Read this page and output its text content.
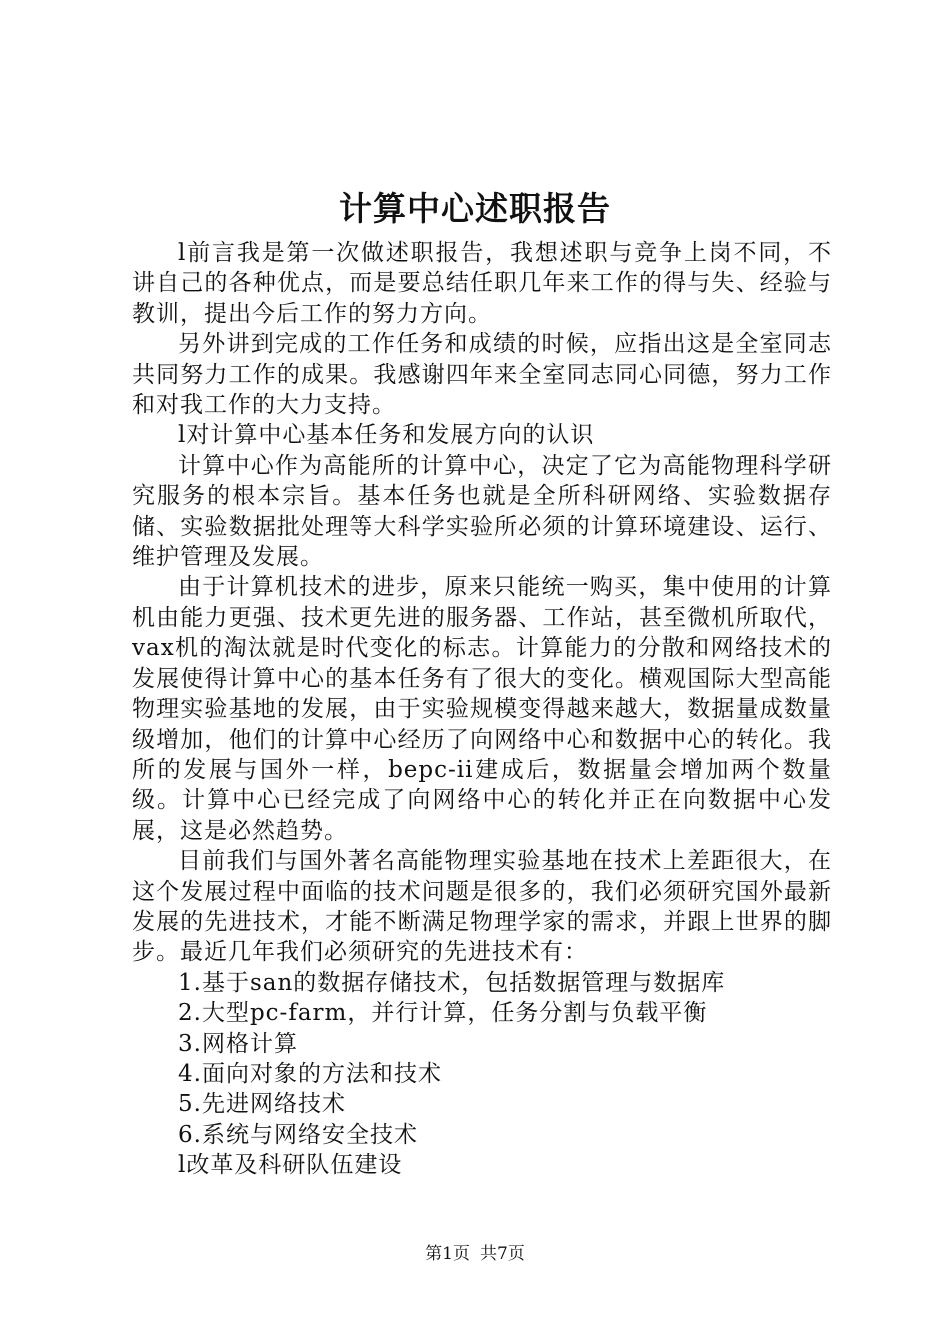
计算中心述职报告

l前言我是第一次做述职报告，我想述职与竞争上岗不同，不讲自己的各种优点，而是要总结任职几年来工作的得与失、经验与教训，提出今后工作的努力方向。

另外讲到完成的工作任务和成绩的时候，应指出这是全室同志共同努力工作的成果。我感谢四年来全室同志同心同德，努力工作和对我工作的大力支持。

l对计算中心基本任务和发展方向的认识

计算中心作为高能所的计算中心，决定了它为高能物理科学研究服务的根本宗旨。基本任务也就是全所科研网络、实验数据存储、实验数据批处理等大科学实验所必须的计算环境建设、运行、维护管理及发展。

由于计算机技术的进步，原来只能统一购买，集中使用的计算机由能力更强、技术更先进的服务器、工作站，甚至微机所取代，vax机的淘汰就是时代变化的标志。计算能力的分散和网络技术的发展使得计算中心的基本任务有了很大的变化。横观国际大型高能物理实验基地的发展，由于实验规模变得越来越大，数据量成数量级增加，他们的计算中心经历了向网络中心和数据中心的转化。我所的发展与国外一样，bepc-ii建成后，数据量会增加两个数量级。计算中心已经完成了向网络中心的转化并正在向数据中心发展，这是必然趋势。

目前我们与国外著名高能物理实验基地在技术上差距很大，在这个发展过程中面临的技术问题是很多的，我们必须研究国外最新发展的先进技术，才能不断满足物理学家的需求，并跟上世界的脚步。最近几年我们必须研究的先进技术有：

1.基于san的数据存储技术，包括数据管理与数据库

2.大型pc-farm，并行计算，任务分割与负载平衡

3.网格计算

4.面向对象的方法和技术

5.先进网络技术

6.系统与网络安全技术

l改革及科研队伍建设

第1页 共7页
